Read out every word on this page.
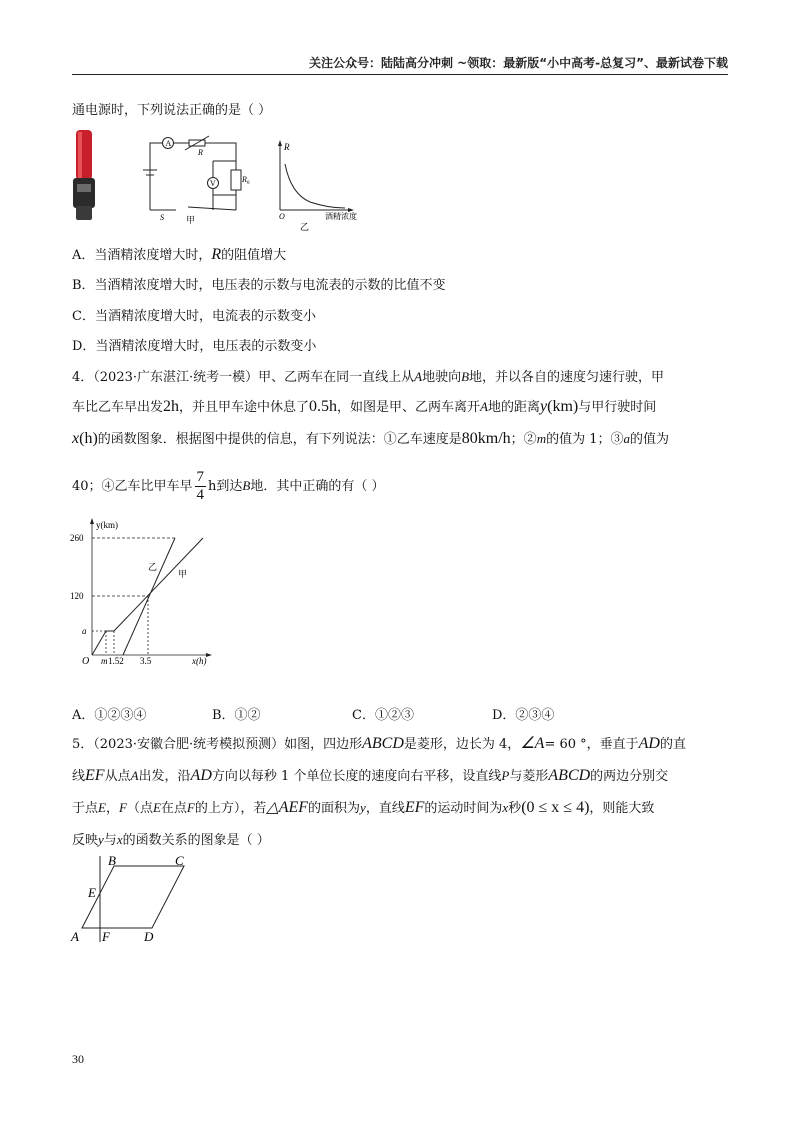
关注公众号：陆陆高分冲刺 ~领取：最新版“小中高考-总复习”、最新试卷下载
通电源时，下列说法正确的是（ ）
A
V
R
R 0
S 甲
R
O	酒精浓度
乙
A．当酒精浓度增大时，R的阻值增大
B．当酒精浓度增大时，电压表的示数与电流表的示数的比值不变
C．当酒精浓度增大时，电流表的示数变小
D．当酒精浓度增大时，电压表的示数变小
4．（2023·广东湛江·统考一模）甲、乙两车在同一直线上从A地驶向B地，并以各自的速度匀速行驶，甲
车比乙车早出发2h，并且甲车途中休息了0.5h，如图是甲、乙两车离开A地的距离y(km)与甲行驶时间
x(h)的函数图象．根据图中提供的信息，有下列说法：①乙车速度是80km/h；②m的值为 1；③a的值为
40；④乙车比甲车早 $\frac{7}{4}$ h到达B地．其中正确的有（ ）
y(km)
260
120
a
O m 1.52 3.5	x(h)
乙
甲
A．①②③④	B．①②	C．①②③	D．②③④
5．（2023·安徽合肥·统考模拟预测）如图，四边形ABCD是菱形，边长为 4，∠A= 60 °，垂直于AD的直
线EF从点A出发，沿AD方向以每秒 1 个单位长度的速度向右平移，设直线P与菱形ABCD的两边分别交
于点E，F（点E在点F的上方），若△AEF的面积为y，直线EF的运动时间为x秒(0 ≤ x ≤ 4)，则能大致
反映y与x的函数关系的图象是（ ）
B	C
A	D
E
F
30
